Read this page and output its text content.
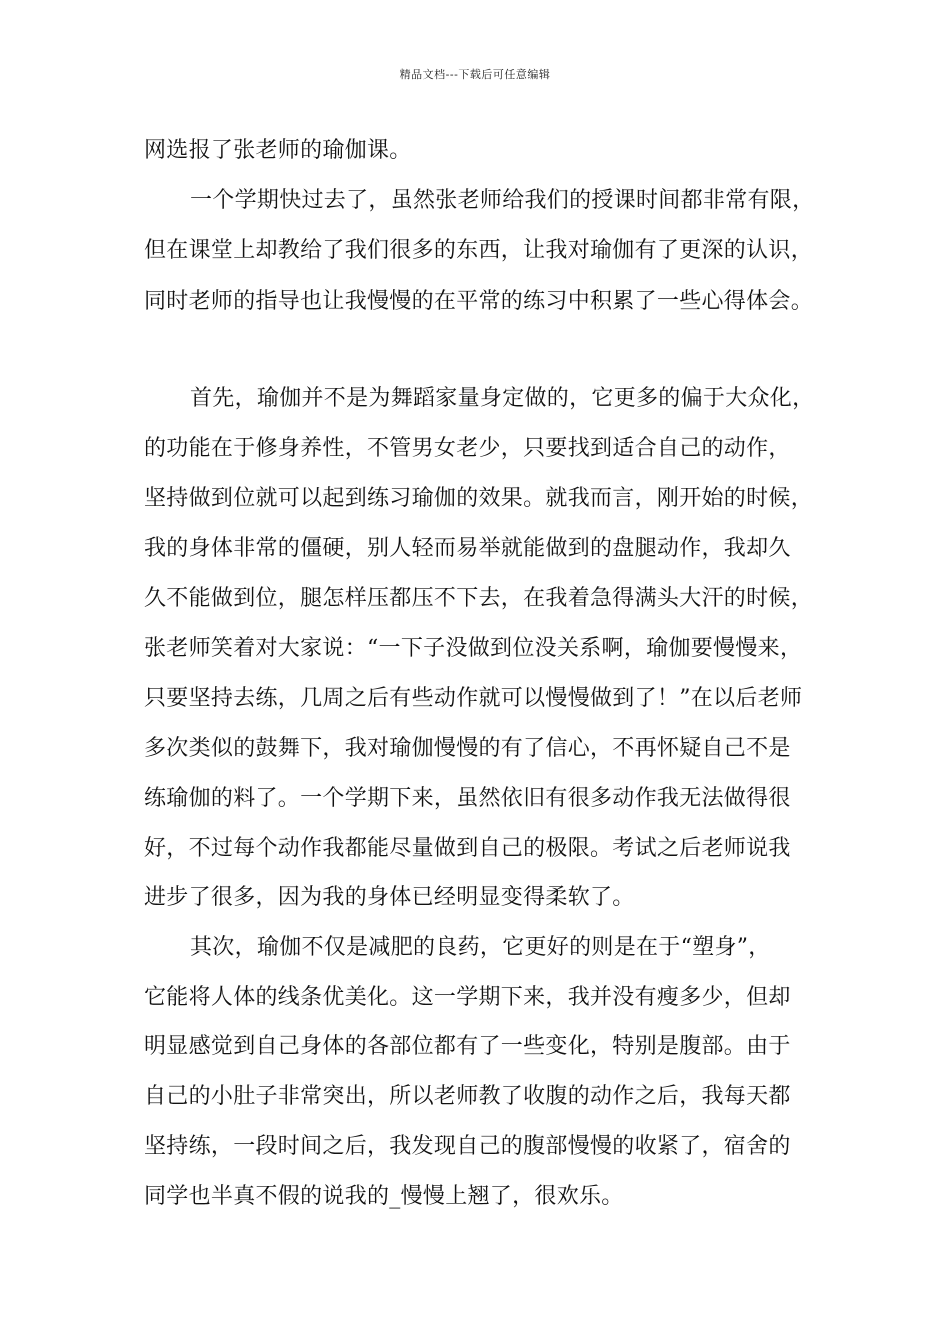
精品文档---下载后可任意编辑
网选报了张老师的瑜伽课。
一个学期快过去了，虽然张老师给我们的授课时间都非常有限，
但在课堂上却教给了我们很多的东西，让我对瑜伽有了更深的认识，
同时老师的指导也让我慢慢的在平常的练习中积累了一些心得体会。
首先，瑜伽并不是为舞蹈家量身定做的，它更多的偏于大众化，
的功能在于修身养性，不管男女老少，只要找到适合自己的动作，
坚持做到位就可以起到练习瑜伽的效果。就我而言，刚开始的时候，
我的身体非常的僵硬，别人轻而易举就能做到的盘腿动作，我却久
久不能做到位，腿怎样压都压不下去，在我着急得满头大汗的时候，
张老师笑着对大家说：“一下子没做到位没关系啊，瑜伽要慢慢来，
只要坚持去练，几周之后有些动作就可以慢慢做到了！”在以后老师
多次类似的鼓舞下，我对瑜伽慢慢的有了信心，不再怀疑自己不是
练瑜伽的料了。一个学期下来，虽然依旧有很多动作我无法做得很
好，不过每个动作我都能尽量做到自己的极限。考试之后老师说我
进步了很多，因为我的身体已经明显变得柔软了。
其次，瑜伽不仅是减肥的良药，它更好的则是在于“塑身”，
它能将人体的线条优美化。这一学期下来，我并没有瘦多少，但却
明显感觉到自己身体的各部位都有了一些变化，特别是腹部。由于
自己的小肚子非常突出，所以老师教了收腹的动作之后，我每天都
坚持练，一段时间之后，我发现自己的腹部慢慢的收紧了，宿舍的
同学也半真不假的说我的_慢慢上翘了，很欢乐。
